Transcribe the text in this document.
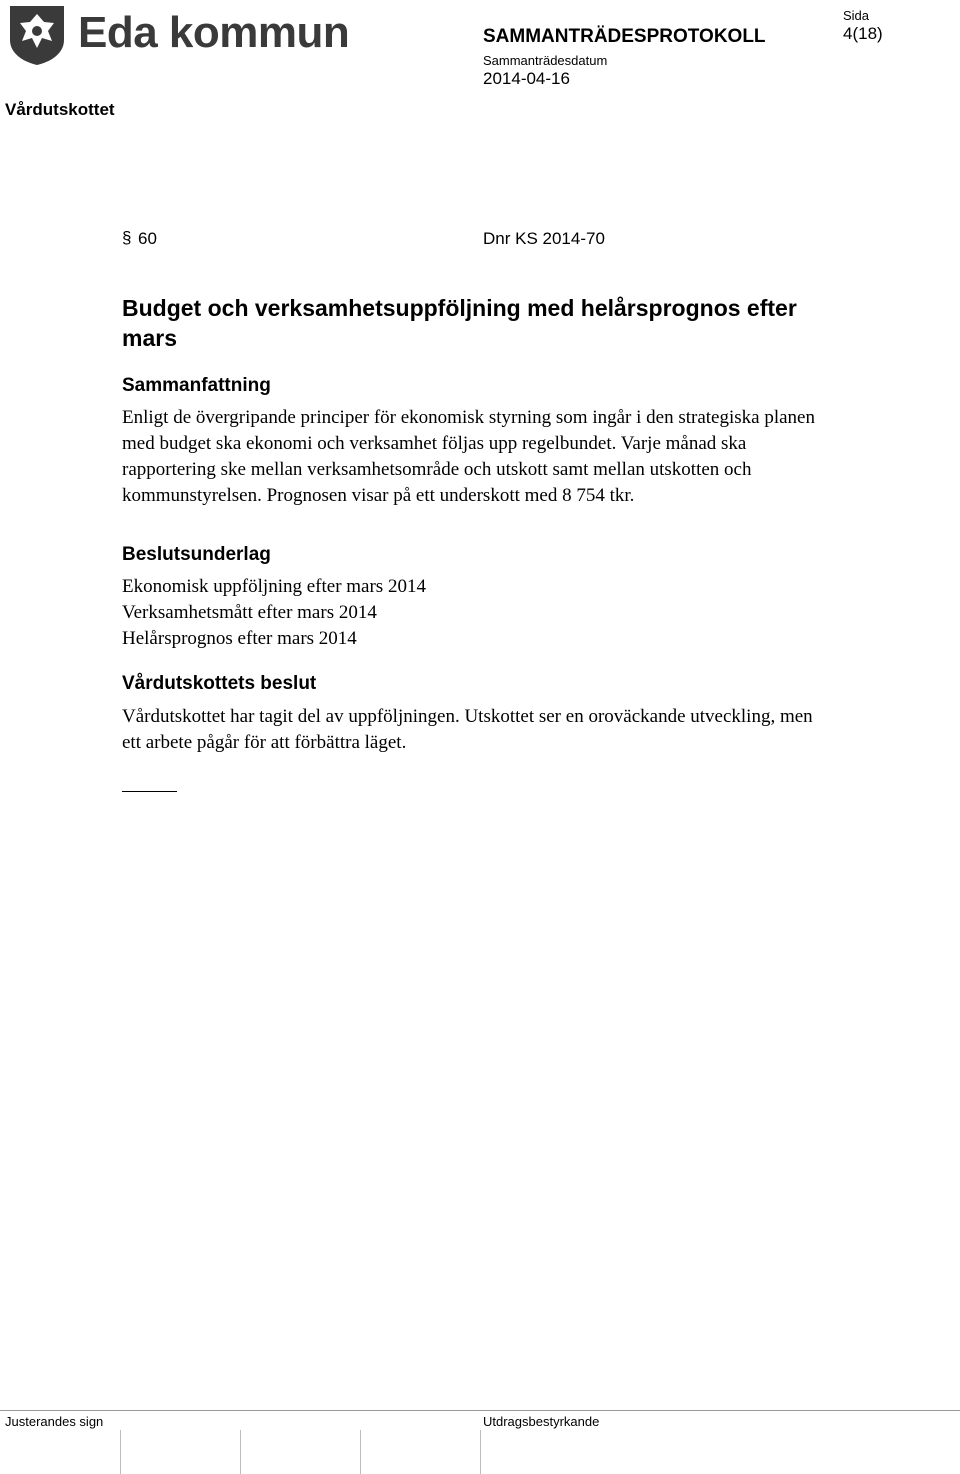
Eda kommun	SAMMANTRÄDESPROTOKOLL
Sammanträdesdatum
2014-04-16
Sida
4(18)
Vårdutskottet
§ 60	Dnr KS 2014-70
Budget och verksamhetsuppföljning med helårsprognos efter mars
Sammanfattning
Enligt de övergripande principer för ekonomisk styrning som ingår i den strategiska planen med budget ska ekonomi och verksamhet följas upp regelbundet. Varje månad ska rapportering ske mellan verksamhetsområde och utskott samt mellan utskotten och kommunstyrelsen. Prognosen visar på ett underskott med 8 754 tkr.
Beslutsunderlag
Ekonomisk uppföljning efter mars 2014
Verksamhetsmått efter mars 2014
Helårsprognos efter mars 2014
Vårdutskottets beslut
Vårdutskottet har tagit del av uppföljningen. Utskottet ser en oroväckande utveckling, men ett arbete pågår för att förbättra läget.
Justerandes sign	Utdragsbestyrkande
